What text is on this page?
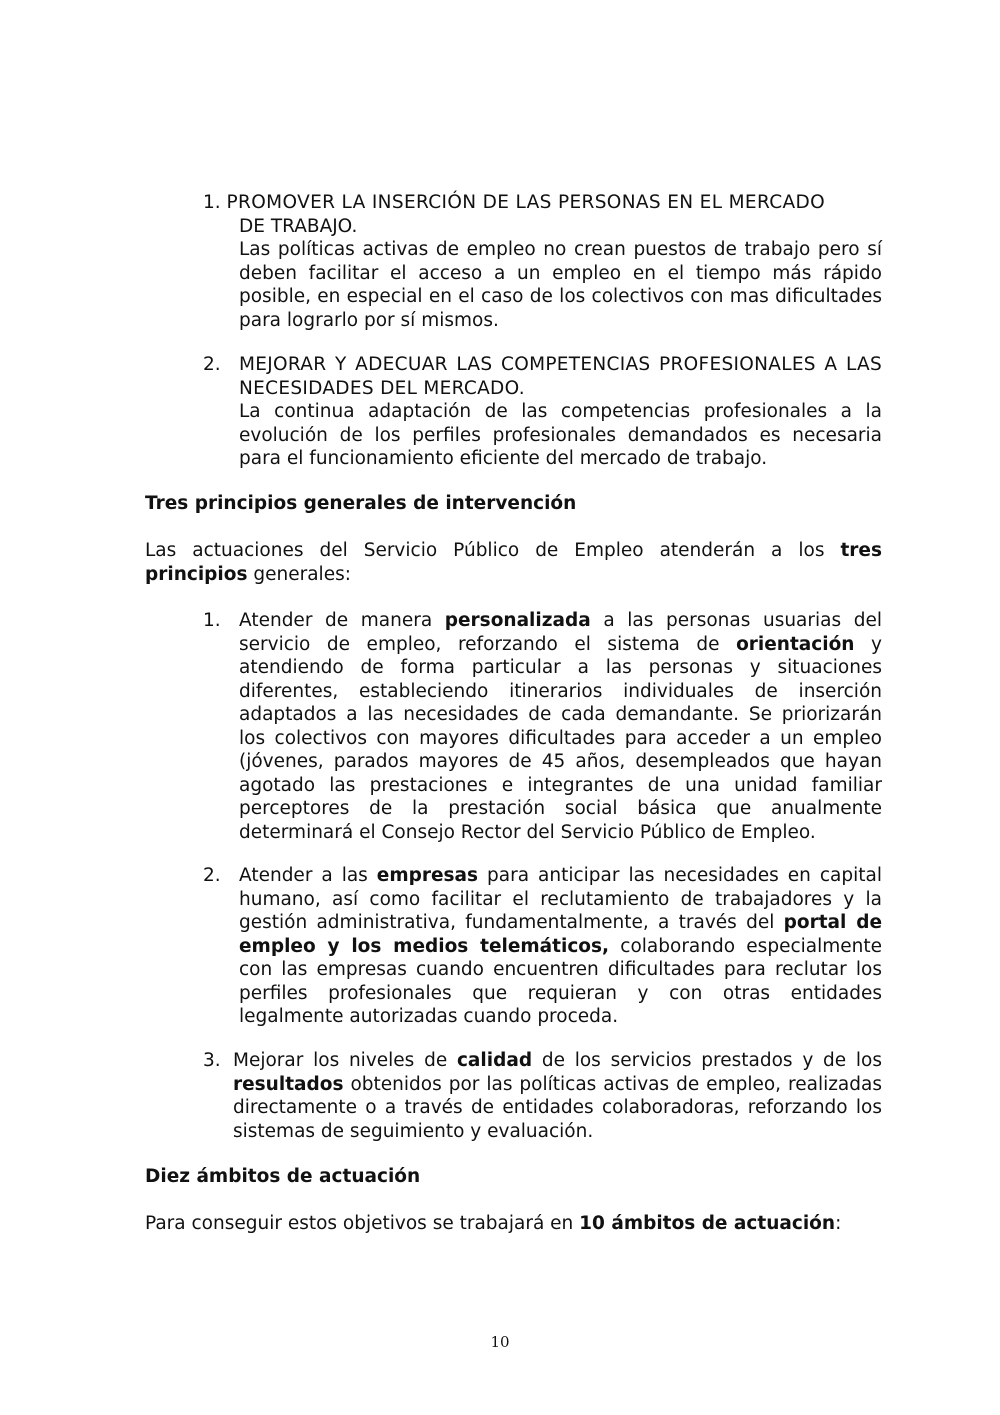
1. PROMOVER LA INSERCIÓN DE LAS PERSONAS EN EL MERCADO
DE TRABAJO.
Las políticas activas de empleo no crean puestos de trabajo pero sí deben facilitar el acceso a un empleo en el tiempo más rápido posible, en especial en el caso de los colectivos con mas dificultades para lograrlo por sí mismos.
2. MEJORAR Y ADECUAR LAS COMPETENCIAS PROFESIONALES A LAS NECESIDADES DEL MERCADO.
La continua adaptación de las competencias profesionales a la evolución de los perfiles profesionales demandados es necesaria para el funcionamiento eficiente del mercado de trabajo.
Tres principios generales de intervención
Las actuaciones del Servicio Público de Empleo atenderán a los tres principios generales:
1. Atender de manera personalizada a las personas usuarias del servicio de empleo, reforzando el sistema de orientación y atendiendo de forma particular a las personas y situaciones diferentes, estableciendo itinerarios individuales de inserción adaptados a las necesidades de cada demandante. Se priorizarán los colectivos con mayores dificultades para acceder a un empleo (jóvenes, parados mayores de 45 años, desempleados que hayan agotado las prestaciones e integrantes de una unidad familiar perceptores de la prestación social básica que anualmente determinará el Consejo Rector del Servicio Público de Empleo.
2. Atender a las empresas para anticipar las necesidades en capital humano, así como facilitar el reclutamiento de trabajadores y la gestión administrativa, fundamentalmente, a través del portal de empleo y los medios telemáticos, colaborando especialmente con las empresas cuando encuentren dificultades para reclutar los perfiles profesionales que requieran y con otras entidades legalmente autorizadas cuando proceda.
3. Mejorar los niveles de calidad de los servicios prestados y de los resultados obtenidos por las políticas activas de empleo, realizadas directamente o a través de entidades colaboradoras, reforzando los sistemas de seguimiento y evaluación.
Diez ámbitos de actuación
Para conseguir estos objetivos se trabajará en 10 ámbitos de actuación:
10
